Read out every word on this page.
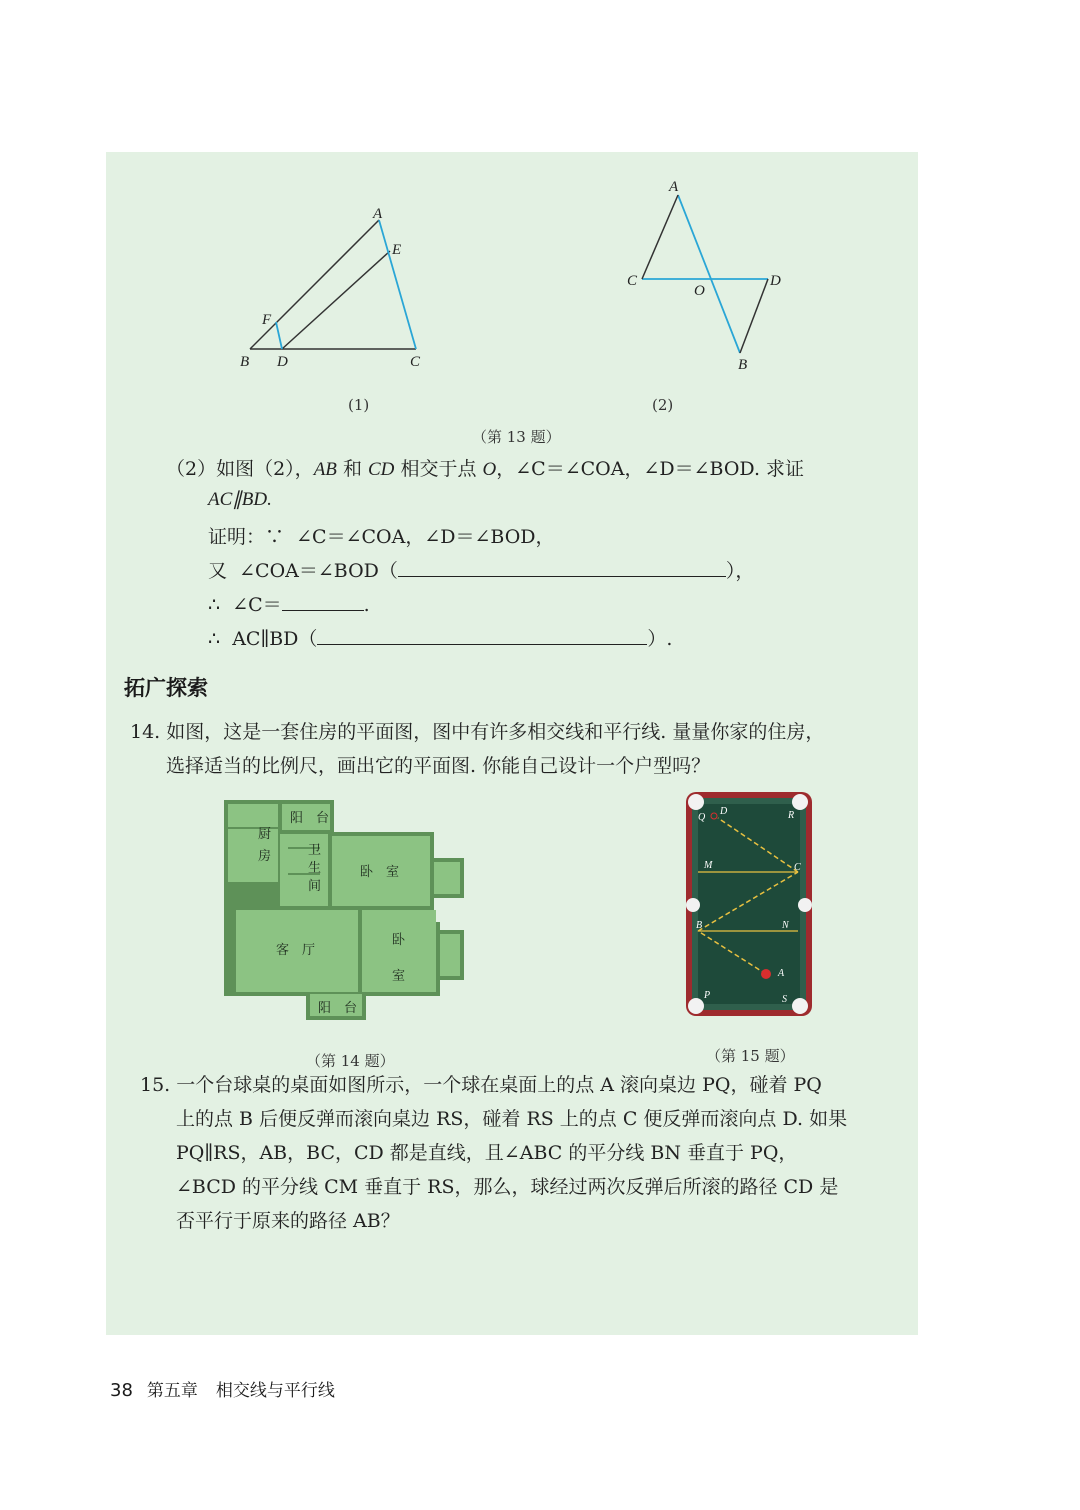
A
E
F
B D	C
(1)
A
C
O
D
B
(2)
（第 13 题）
（2）如图（2），AB 和 CD 相交于点 O，∠C＝∠COA，∠D＝∠BOD. 求证
AC∥BD.
证明：∵ ∠C＝∠COA，∠D＝∠BOD，
又 ∠COA＝∠BOD（	），
∴ ∠C＝	.
∴ AC∥BD（	）.
拓广探索
14. 如图，这是一套住房的平面图，图中有许多相交线和平行线. 量量你家的住房，
选择适当的比例尺，画出它的平面图. 你能自己设计一个户型吗？
阳　台
厨
房	卫
生
间
卧　室
客　厅
卧
室
阳　台
Q
D	R
M	C
B	N
A
P	S
（第 14 题）	（第 15 题）
15. 一个台球桌的桌面如图所示，一个球在桌面上的点 A 滚向桌边 PQ，碰着 PQ
上的点 B 后便反弹而滚向桌边 RS，碰着 RS 上的点 C 便反弹而滚向点 D. 如果
PQ∥RS，AB，BC，CD 都是直线，且∠ABC 的平分线 BN 垂直于 PQ，
∠BCD 的平分线 CM 垂直于 RS，那么，球经过两次反弹后所滚的路径 CD 是
否平行于原来的路径 AB？
38 第五章 相交线与平行线
